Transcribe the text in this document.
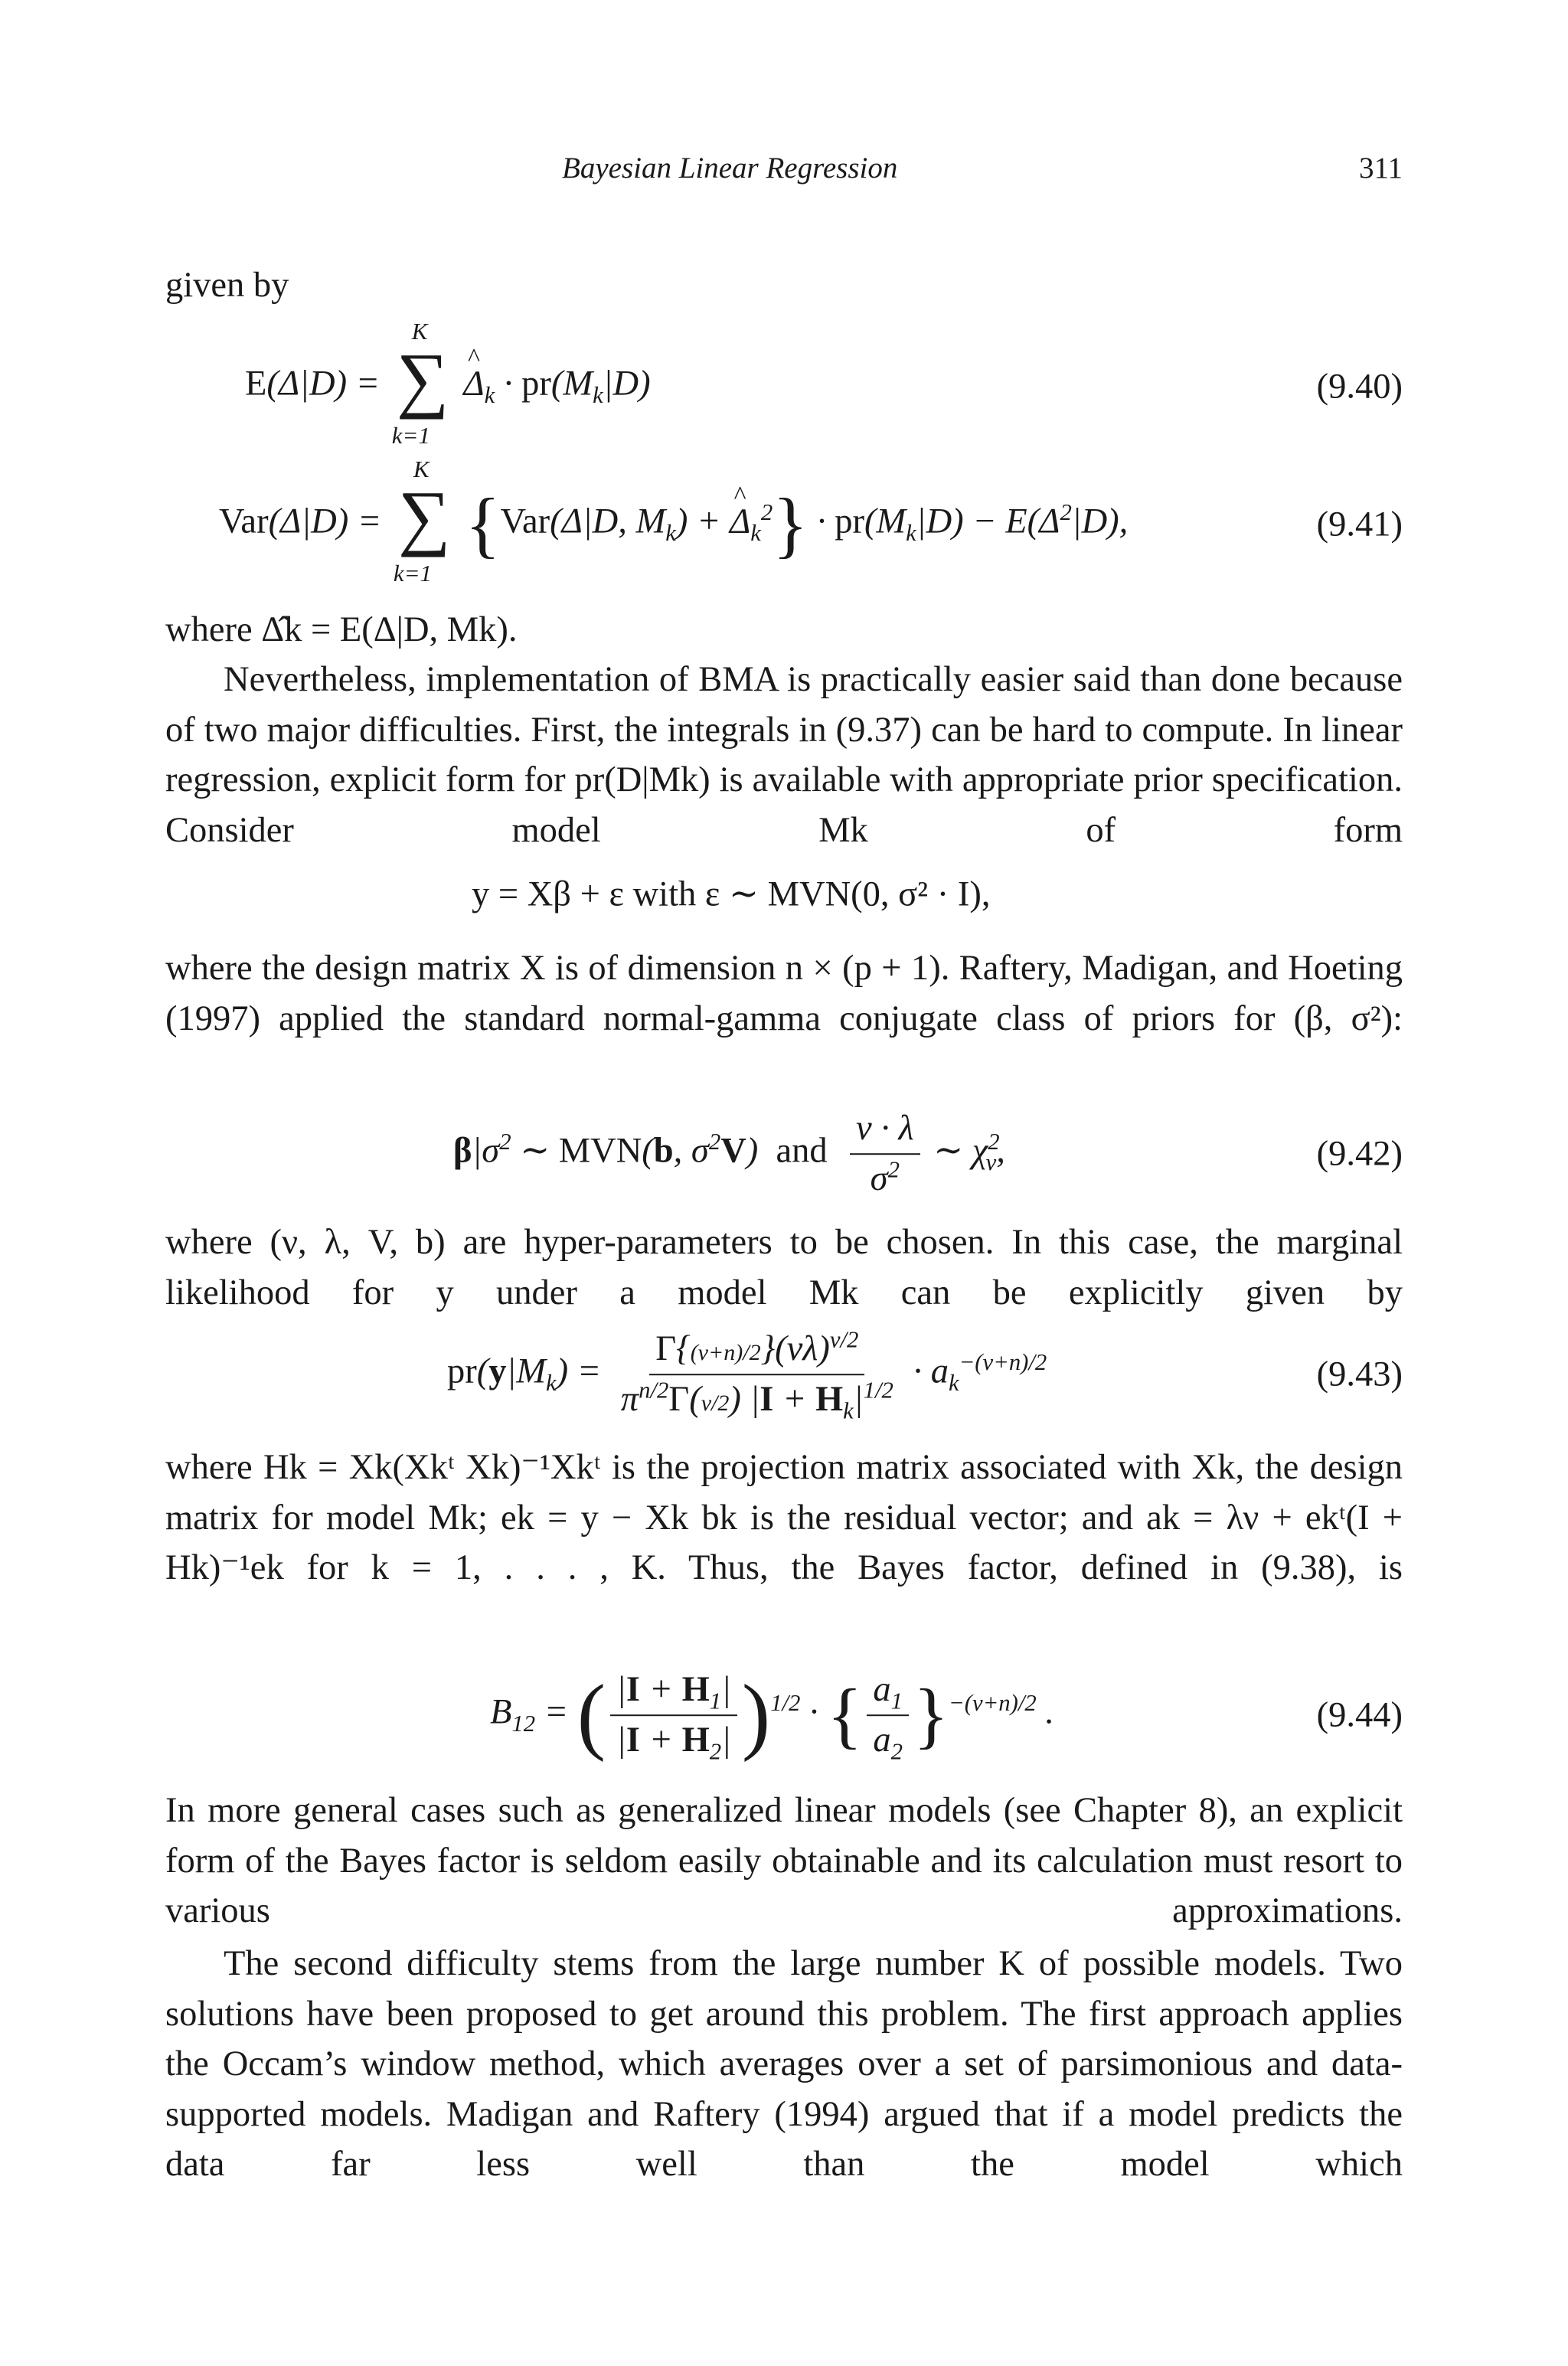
Bayesian Linear Regression	311
given by
E(Δ|D) =
K
∑
k=1
Δ $\^{}_k \cdot pr(M_k|D)$	(9.40)
Var(Δ|D) =
K
∑
k=1
{Var(Δ|D, $M_k) + \Delta$ $\^{}_k^2\} \cdot pr(M_k|D) - E(\Delta^2|D)$,	(9.41)
where Δ̂k = E(Δ|D, Mk).
Nevertheless, implementation of BMA is practically easier said than done because of two major difficulties. First, the integrals in (9.37) can be hard to compute. In linear regression, explicit form for pr(D|Mk) is available with appropriate prior specification. Consider model Mk of form
y = Xβ + ε with ε ∼ MVN(0, σ² · I),
where the design matrix X is of dimension n × (p + 1). Raftery, Madigan, and Hoeting (1997) applied the standard normal-gamma conjugate class of priors for (β, σ²):
$\beta|\sigma^2$ ∼ MVN(b, $\sigma^2V$)  and $\frac{\nu \cdot \lambda}{\sigma^2}$ ∼ $\chi^2_\nu$,	(9.42)
where (ν, λ, V, b) are hyper-parameters to be chosen. In this case, the marginal likelihood for y under a model Mk can be explicitly given by
$pr(y|M_k) = \frac{\Gamma\{(\nu+n)/2\}(\nu\lambda)^{\nu/2}}{\pi^{n/2}\Gamma(\nu/2) |I + H_k|^{1/2}} \cdot a_k^{-(\nu+n)/2}$	(9.43)
where Hk = Xk(Xkᵗ Xk)⁻¹Xkᵗ is the projection matrix associated with Xk, the design matrix for model Mk; ek = y − Xk bk is the residual vector; and ak = λν + ekᵗ(I + Hk)⁻¹ek for k = 1, . . . , K. Thus, the Bayes factor, defined in (9.38), is
$B_{12}$ = ( $\frac{|I + H_1|}{|I + H_2|} )^{1/2}$ · { $\frac{a_1}{a_2} \}^{-(\nu+n)/2}$ .	(9.44)
In more general cases such as generalized linear models (see Chapter 8), an explicit form of the Bayes factor is seldom easily obtainable and its calculation must resort to various approximations.
The second difficulty stems from the large number K of possible models. Two solutions have been proposed to get around this problem. The first approach applies the Occam’s window method, which averages over a set of parsimonious and data-supported models. Madigan and Raftery (1994) argued that if a model predicts the data far less well than the model which
